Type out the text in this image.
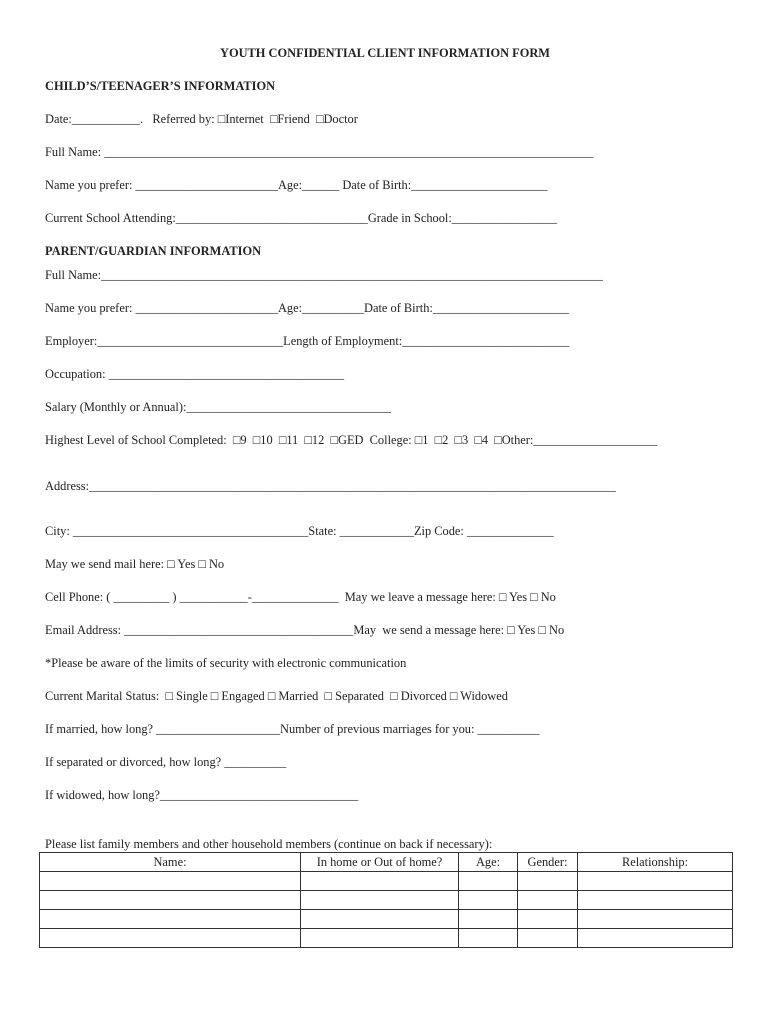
YOUTH CONFIDENTIAL CLIENT INFORMATION FORM
CHILD’S/TEENAGER’S INFORMATION
Date:___________.   Referred by: □Internet  □Friend  □Doctor
Full Name: _______________________________________________________________________________
Name you prefer: _______________________Age:______ Date of Birth:______________________
Current School Attending:_______________________________Grade in School:_________________
PARENT/GUARDIAN INFORMATION
Full Name:_________________________________________________________________________________
Name you prefer: _______________________Age:__________Date of Birth:______________________
Employer:______________________________Length of Employment:___________________________
Occupation: ______________________________________
Salary (Monthly or Annual):_________________________________
Highest Level of School Completed:  □9  □10  □11  □12  □GED  College: □1  □2  □3  □4  □Other:____________________
Address:_____________________________________________________________________________________
City: ______________________________________State: ____________Zip Code: ______________
May we send mail here: □ Yes □ No
Cell Phone: ( _________ ) ___________-______________  May we leave a message here: □ Yes □ No
Email Address: _____________________________________May  we send a message here: □ Yes □ No
*Please be aware of the limits of security with electronic communication
Current Marital Status:  □ Single □ Engaged □ Married  □ Separated  □ Divorced □ Widowed
If married, how long? ____________________Number of previous marriages for you: __________
If separated or divorced, how long? __________
If widowed, how long?________________________________
Please list family members and other household members (continue on back if necessary):
Name:	In home or Out of home?	Age:	Gender:	Relationship:
